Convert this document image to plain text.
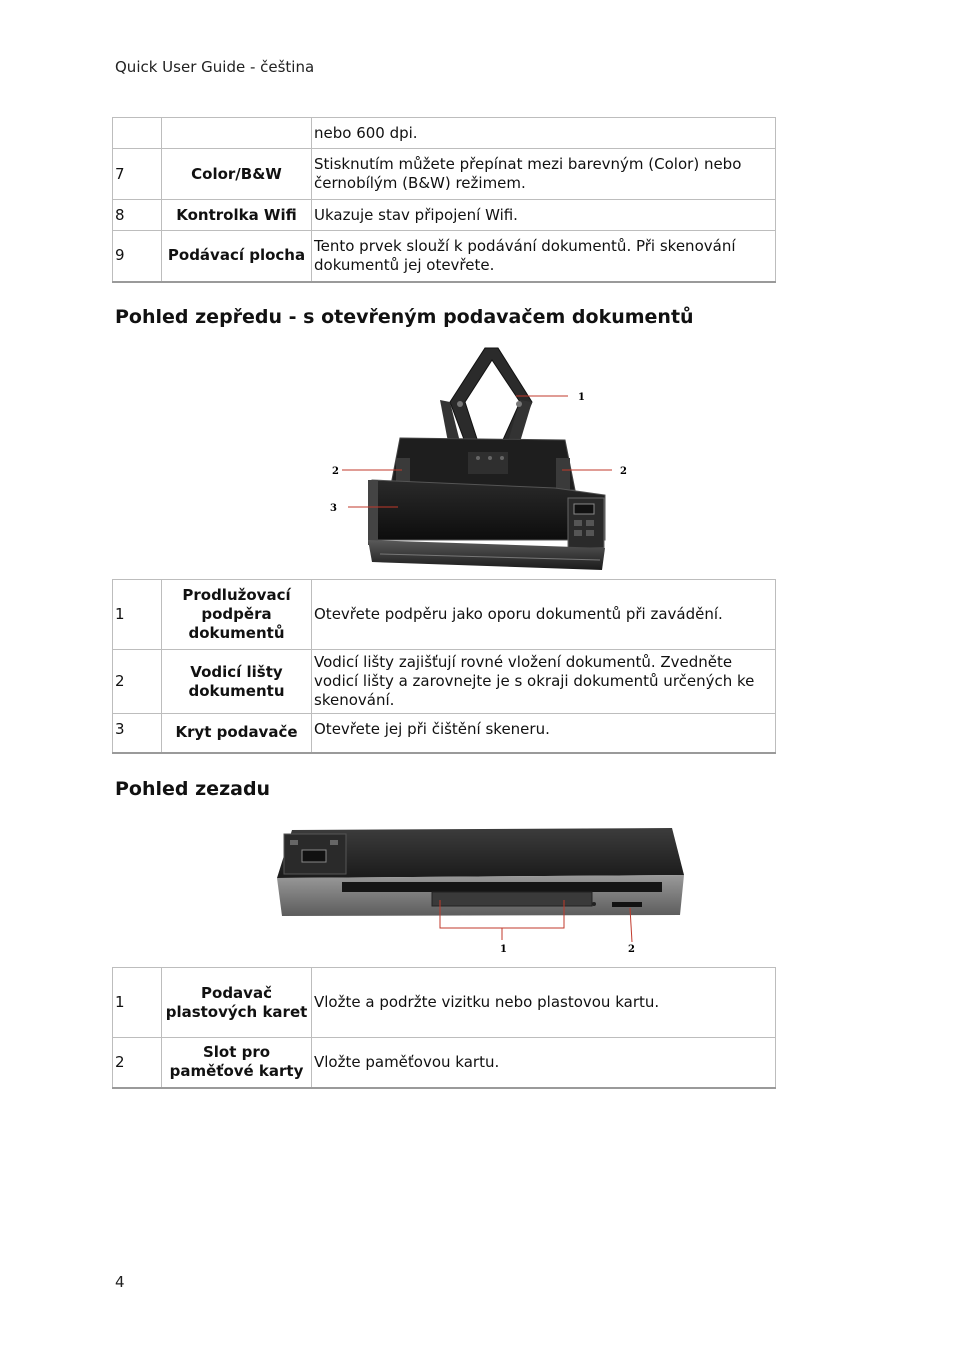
Quick User Guide - čeština
		nebo 600 dpi.
7	Color/B&W	Stisknutím můžete přepínat mezi barevným (Color) nebo černobílým (B&W) režimem.
8	Kontrolka Wifi	Ukazuje stav připojení Wifi.
9	Podávací plocha	Tento prvek slouží k podávání dokumentů. Při skenování dokumentů jej otevřete.
Pohled zepředu - s otevřeným podavačem dokumentů
1
2	2
3
1	Prodlužovací podpěra dokumentů	Otevřete podpěru jako oporu dokumentů při zavádění.
2	Vodicí lišty dokumentu	Vodicí lišty zajišťují rovné vložení dokumentů. Zvedněte vodicí lišty a zarovnejte je s okraji dokumentů určených ke skenování.
3	Kryt podavače	Otevřete jej při čištění skeneru.
Pohled zezadu
1	2
1	Podavač plastových karet	Vložte a podržte vizitku nebo plastovou kartu.
2	Slot pro paměťové karty	Vložte paměťovou kartu.
4
